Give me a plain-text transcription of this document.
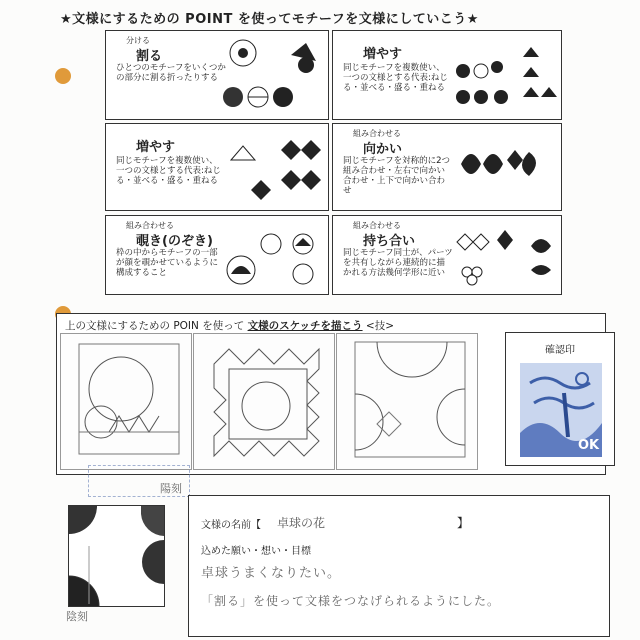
★文様にするための POINT を使ってモチーフを文様にしていこう★
分ける
割る
ひとつのモチーフをいくつかの部分に割る折ったりする
増やす
同じモチーフを複数使い、一つの文様とする代表:ねじる・並べる・盛る・重ねる
増やす
同じモチーフを複数使い、一つの文様とする代表:ねじる・並べる・盛る・重ねる
組み合わせる
向かい
同じモチーフを対称的に2つ組み合わせ・左右で向かい合わせ・上下で向かい合わせ
組み合わせる
覗き(のぞき)
枠の中からモチーフの一部が顔を覗かせているように構成すること
組み合わせる
持ち合い
同じモチーフ同士が、パーツを共有しながら連続的に描かれる方法幾何学形に近い
上の文様にするための POIN を使って 文様のスケッチを描こう <技>
確認印
OK
陽刻
陰刻
文様の名前【 卓球の花	】
込めた願い・想い・目標
卓球うまくなりたい。
「割る」を使って文様をつなげられるようにした。
